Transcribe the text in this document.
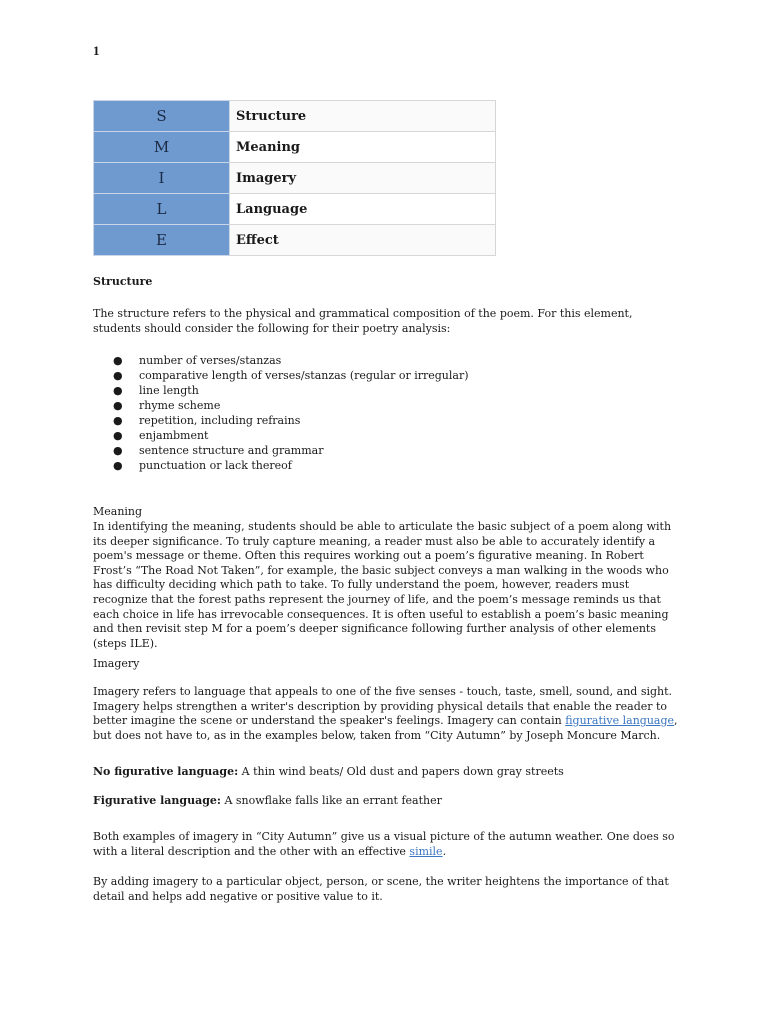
1
S	Structure
M	Meaning
I	Imagery
L	Language
E	Effect
Structure
The structure refers to the physical and grammatical composition of the poem. For this element, students should consider the following for their poetry analysis:
● number of verses/stanzas
● comparative length of verses/stanzas (regular or irregular)
● line length
● rhyme scheme
● repetition, including refrains
● enjambment
● sentence structure and grammar
● punctuation or lack thereof
Meaning
In identifying the meaning, students should be able to articulate the basic subject of a poem along with its deeper significance. To truly capture meaning, a reader must also be able to accurately identify a poem's message or theme. Often this requires working out a poem’s figurative meaning. In Robert Frost’s “The Road Not Taken”, for example, the basic subject conveys a man walking in the woods who has difficulty deciding which path to take. To fully understand the poem, however, readers must recognize that the forest paths represent the journey of life, and the poem’s message reminds us that each choice in life has irrevocable consequences. It is often useful to establish a poem’s basic meaning and then revisit step M for a poem’s deeper significance following further analysis of other elements (steps ILE).
Imagery
Imagery refers to language that appeals to one of the five senses - touch, taste, smell, sound, and sight. Imagery helps strengthen a writer's description by providing physical details that enable the reader to better imagine the scene or understand the speaker's feelings. Imagery can contain figurative language, but does not have to, as in the examples below, taken from “City Autumn” by Joseph Moncure March.
No figurative language: A thin wind beats/ Old dust and papers down gray streets
Figurative language: A snowflake falls like an errant feather
Both examples of imagery in “City Autumn” give us a visual picture of the autumn weather. One does so with a literal description and the other with an effective simile.
By adding imagery to a particular object, person, or scene, the writer heightens the importance of that detail and helps add negative or positive value to it.
